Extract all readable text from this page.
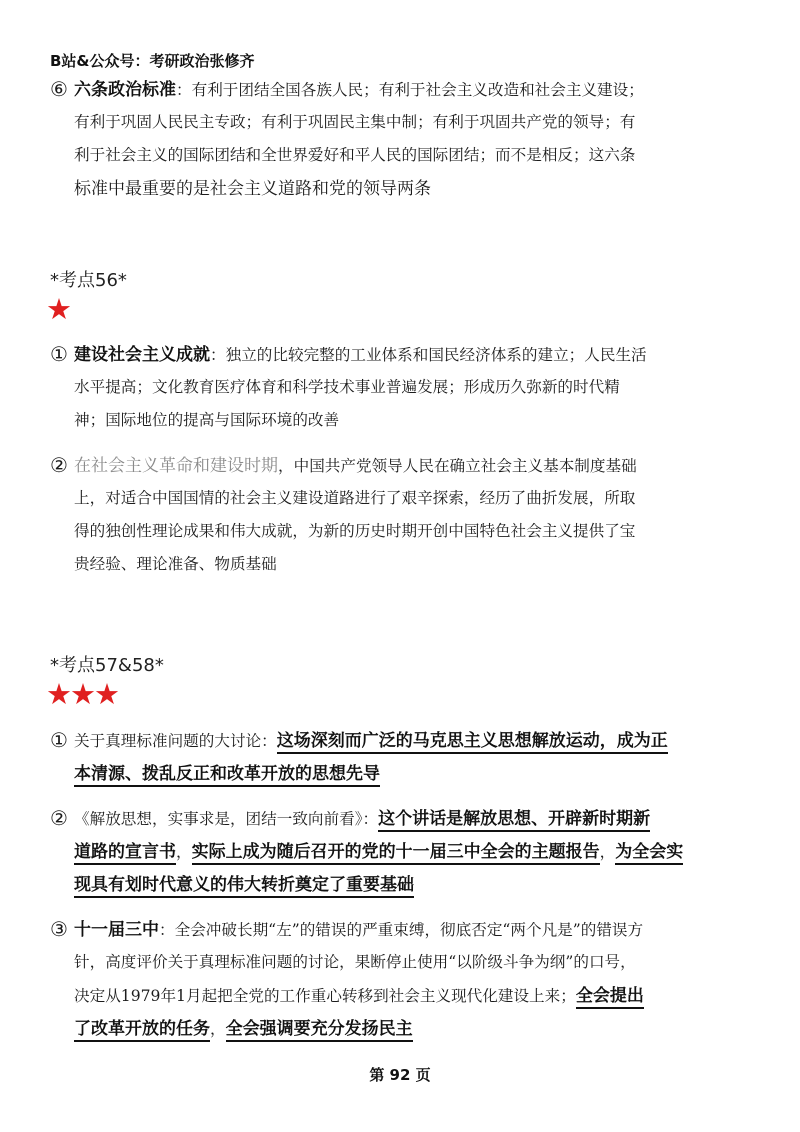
B站&公众号：考研政治张修齐
⑥ 六条政治标准：有利于团结全国各族人民；有利于社会主义改造和社会主义建设；
有利于巩固人民民主专政；有利于巩固民主集中制；有利于巩固共产党的领导；有
利于社会主义的国际团结和全世界爱好和平人民的国际团结；而不是相反；这六条
标准中最重要的是社会主义道路和党的领导两条
*考点56*
★
① 建设社会主义成就：独立的比较完整的工业体系和国民经济体系的建立；人民生活
水平提高；文化教育医疗体育和科学技术事业普遍发展；形成历久弥新的时代精
神；国际地位的提高与国际环境的改善
② 在社会主义革命和建设时期，中国共产党领导人民在确立社会主义基本制度基础
上，对适合中国国情的社会主义建设道路进行了艰辛探索，经历了曲折发展，所取
得的独创性理论成果和伟大成就，为新的历史时期开创中国特色社会主义提供了宝
贵经验、理论准备、物质基础
*考点57&58*
★★★
① 关于真理标准问题的大讨论：这场深刻而广泛的马克思主义思想解放运动，成为正
本清源、拨乱反正和改革开放的思想先导
② 《解放思想，实事求是，团结一致向前看》：这个讲话是解放思想、开辟新时期新
道路的宣言书，实际上成为随后召开的党的十一届三中全会的主题报告，为全会实
现具有划时代意义的伟大转折奠定了重要基础
③ 十一届三中：全会冲破长期“左”的错误的严重束缚，彻底否定“两个凡是”的错误方
针，高度评价关于真理标准问题的讨论，果断停止使用“以阶级斗争为纲”的口号，
决定从1979年1月起把全党的工作重心转移到社会主义现代化建设上来；全会提出
了改革开放的任务，全会强调要充分发扬民主
第 92 页
